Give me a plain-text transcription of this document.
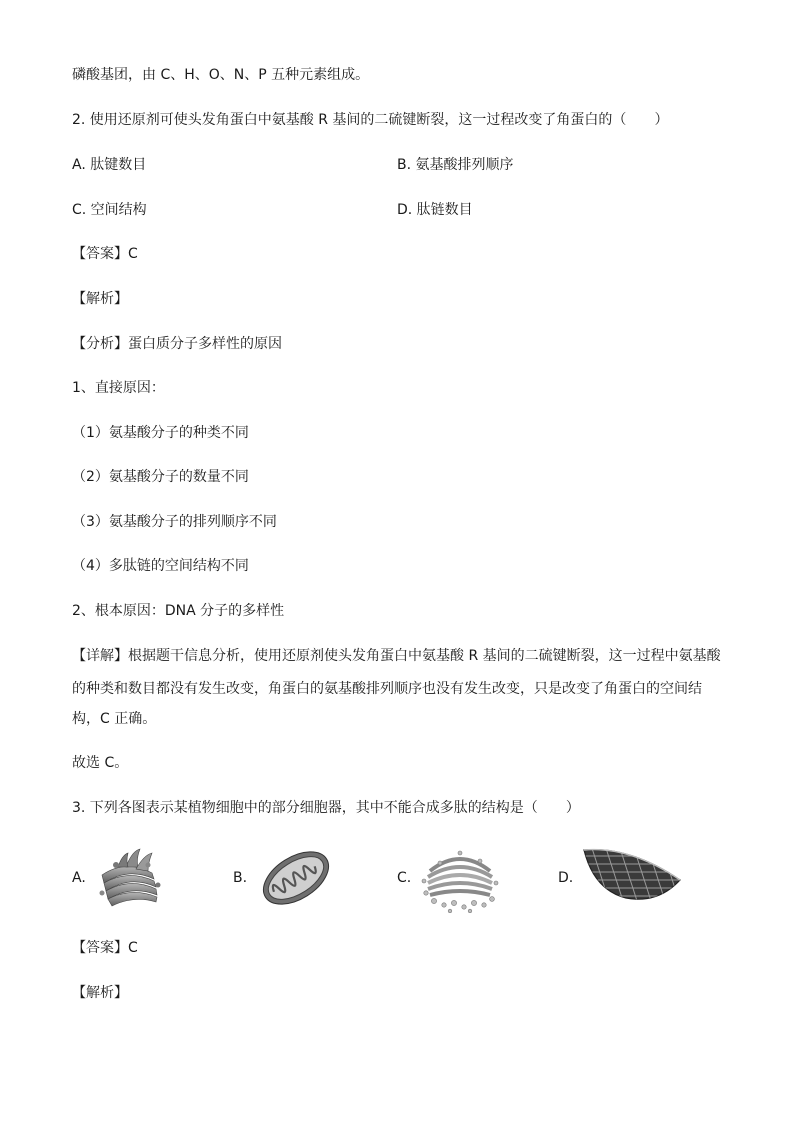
磷酸基团，由 C、H、O、N、P 五种元素组成。

2. 使用还原剂可使头发角蛋白中氨基酸 R 基间的二硫键断裂，这一过程改变了角蛋白的（ ）

A. 肽键数目	B. 氨基酸排列顺序
C. 空间结构	D. 肽链数目

【答案】C

【解析】

【分析】蛋白质分子多样性的原因

1、直接原因：

（1）氨基酸分子的种类不同

（2）氨基酸分子的数量不同

（3）氨基酸分子的排列顺序不同

（4）多肽链的空间结构不同

2、根本原因：DNA 分子的多样性

【详解】根据题干信息分析，使用还原剂使头发角蛋白中氨基酸 R 基间的二硫键断裂，这一过程中氨基酸

的种类和数目都没有发生改变，角蛋白的氨基酸排列顺序也没有发生改变，只是改变了角蛋白的空间结

构，C 正确。

故选 C。

3. 下列各图表示某植物细胞中的部分细胞器，其中不能合成多肽的结构是（ ）

A.	B.	C.	D.

【答案】C

【解析】
